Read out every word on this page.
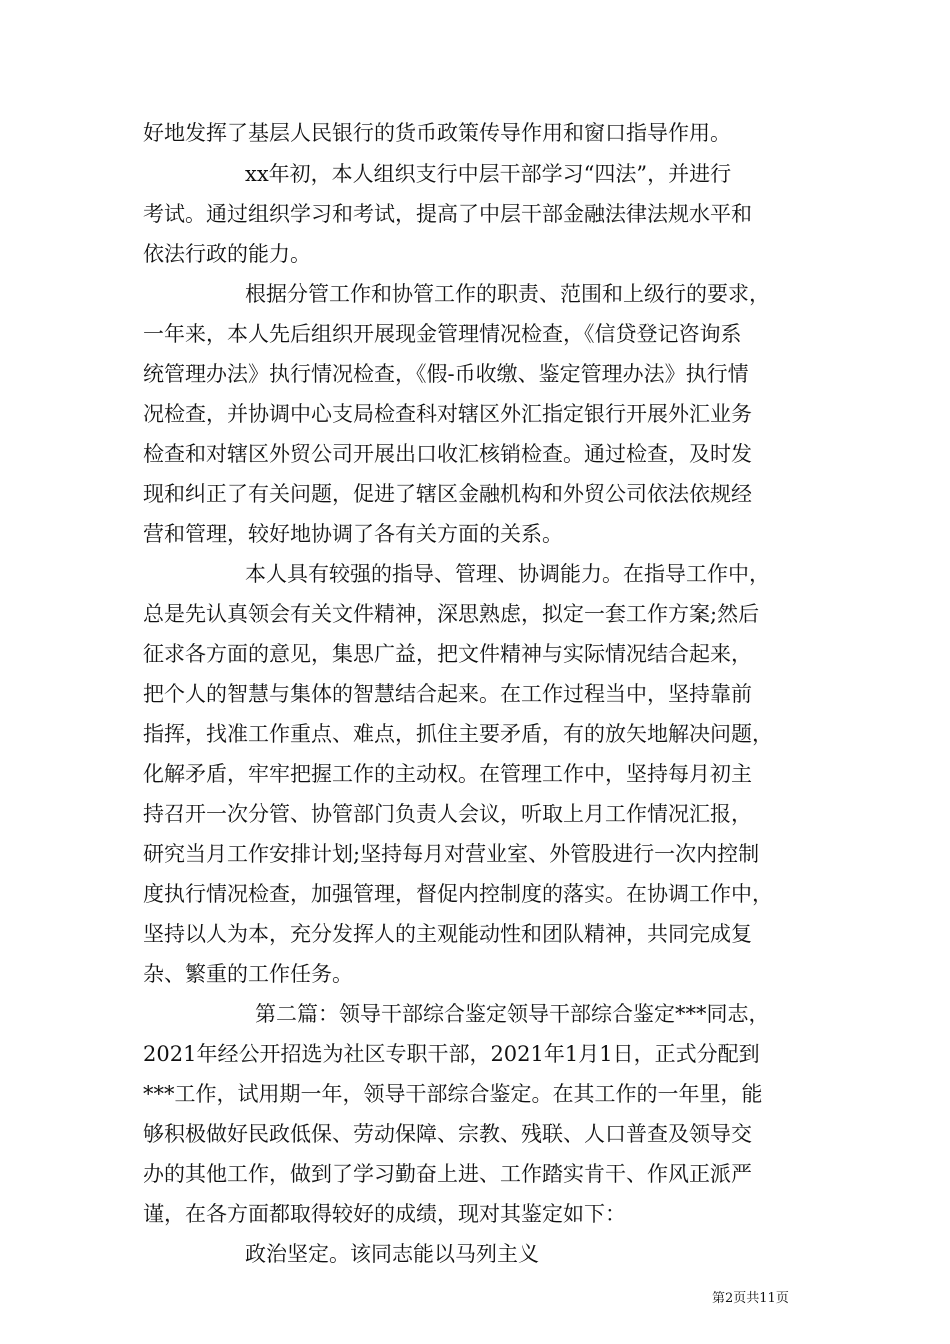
好地发挥了基层人民银行的货币政策传导作用和窗口指导作用。
xx年初，本人组织支行中层干部学习“四法”，并进行
考试。通过组织学习和考试，提高了中层干部金融法律法规水平和
依法行政的能力。
根据分管工作和协管工作的职责、范围和上级行的要求，
一年来，本人先后组织开展现金管理情况检查，《信贷登记咨询系
统管理办法》执行情况检查，《假-币收缴、鉴定管理办法》执行情
况检查，并协调中心支局检查科对辖区外汇指定银行开展外汇业务
检查和对辖区外贸公司开展出口收汇核销检查。通过检查，及时发
现和纠正了有关问题，促进了辖区金融机构和外贸公司依法依规经
营和管理，较好地协调了各有关方面的关系。
本人具有较强的指导、管理、协调能力。在指导工作中，
总是先认真领会有关文件精神，深思熟虑，拟定一套工作方案;然后
征求各方面的意见，集思广益，把文件精神与实际情况结合起来，
把个人的智慧与集体的智慧结合起来。在工作过程当中，坚持靠前
指挥，找准工作重点、难点，抓住主要矛盾，有的放矢地解决问题，
化解矛盾，牢牢把握工作的主动权。在管理工作中，坚持每月初主
持召开一次分管、协管部门负责人会议，听取上月工作情况汇报，
研究当月工作安排计划;坚持每月对营业室、外管股进行一次内控制
度执行情况检查，加强管理，督促内控制度的落实。在协调工作中，
坚持以人为本，充分发挥人的主观能动性和团队精神，共同完成复
杂、繁重的工作任务。
第二篇：领导干部综合鉴定领导干部综合鉴定***同志，
2021年经公开招选为社区专职干部，2021年1月1日，正式分配到
***工作，试用期一年，领导干部综合鉴定。在其工作的一年里，能
够积极做好民政低保、劳动保障、宗教、残联、人口普查及领导交
办的其他工作，做到了学习勤奋上进、工作踏实肯干、作风正派严
谨，在各方面都取得较好的成绩，现对其鉴定如下：
政治坚定。该同志能以马列主义
第2页共11页
